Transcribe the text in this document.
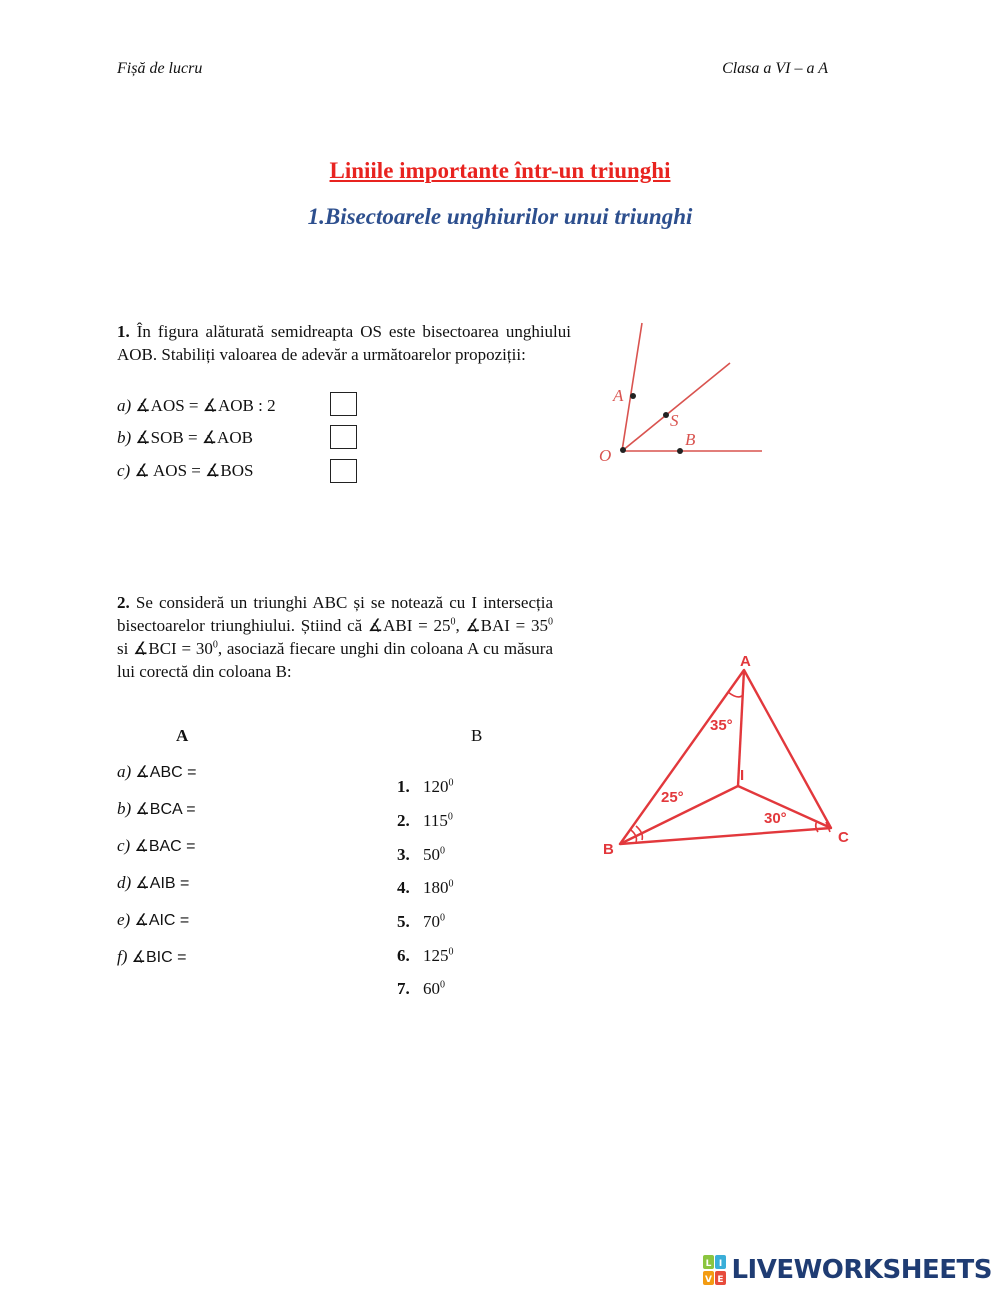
Fișă de lucru	Clasa a VI – a A
Liniile importante într-un triunghi
1.Bisectoarele unghiurilor unui triunghi
1. În figura alăturată semidreapta OS este bisectoarea unghiului AOB. Stabiliți valoarea de adevăr a următoarelor propoziții:
a) ∡AOS = ∡AOB : 2
b) ∡SOB = ∡AOB
c) ∡ AOS = ∡BOS
A
S
B
O
2. Se consideră un triunghi ABC și se notează cu I intersecția bisectoarelor triunghiului. Știind că ∡ABI = $25^0$, ∡BAI = $35^0$ si ∡BCI = $30^0$, asociază fiecare unghi din coloana A cu măsura lui corectă din coloana B:
A	B
a) ∡ABC =
b) ∡BCA =
c) ∡BAC =
d) ∡AIB =
e) ∡AIC =
f) ∡BIC =
1. $120^0$
2. $115^0$
3. $50^0$
4. $180^0$
5. $70^0$
6. $125^0$
7. $60^0$
A
B
C
I
35°
25°
30°
L I
V E LIVEWORKSHEETS
